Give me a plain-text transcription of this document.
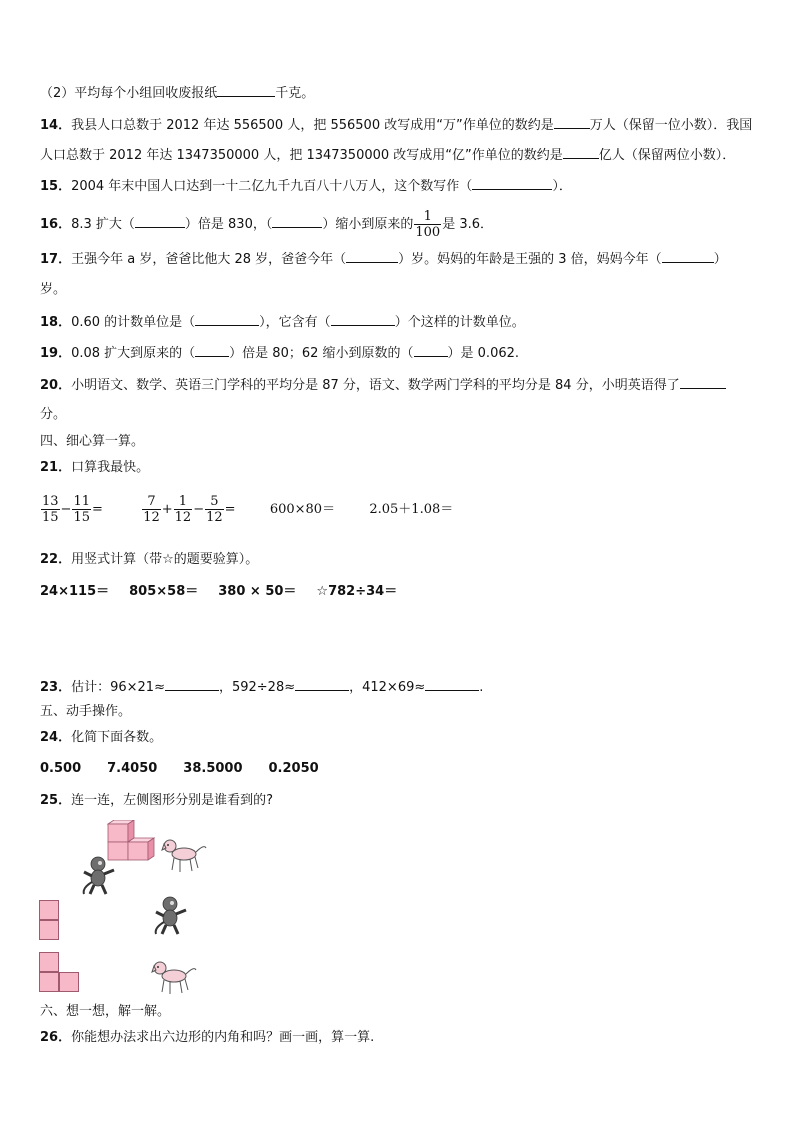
（2）平均每个小组回收废报纸	千克。
14．我县人口总数于 2012 年达 556500 人，把 556500 改写成用“万”作单位的数约是	万人（保留一位小数）．我国
人口总数于 2012 年达 1347350000 人，把 1347350000 改写成用“亿”作单位的数约是	亿人（保留两位小数）．
15．2004 年末中国人口达到一十二亿九千九百八十八万人，这个数写作（	）．
16．8.3 扩大（	）倍是 830，（	）缩小到原来的 $\frac{1}{100}$ 是 3.6．
17．王强今年 a 岁，爸爸比他大 28 岁，爸爸今年（	）岁。妈妈的年龄是王强的 3 倍，妈妈今年（	）
岁。
18．0.60 的计数单位是（	），它含有（	）个这样的计数单位。
19．0.08 扩大到原来的（	）倍是 80；62 缩小到原数的（	）是 0.062.
20．小明语文、数学、英语三门学科的平均分是 87 分，语文、数学两门学科的平均分是 84 分，小明英语得了
分。
四、细心算一算。
21．口算我最快。
$\frac{13}{15} - \frac{11}{15}$ =	$\frac{7}{12} + \frac{1}{12} - \frac{5}{12}$ =	600×80＝	2.05＋1.08＝
22．用竖式计算（带☆的题要验算）。
24×115＝ 805×58＝ 380 × 50＝ ☆782÷34＝
23．估计：96×21≈	，592÷28≈	，412×69≈	.
五、动手操作。
24．化简下面各数。
0.500 7.4050 38.5000 0.2050
25．连一连，左侧图形分别是谁看到的?
六、想一想，解一解。
26．你能想办法求出六边形的内角和吗？画一画，算一算.
